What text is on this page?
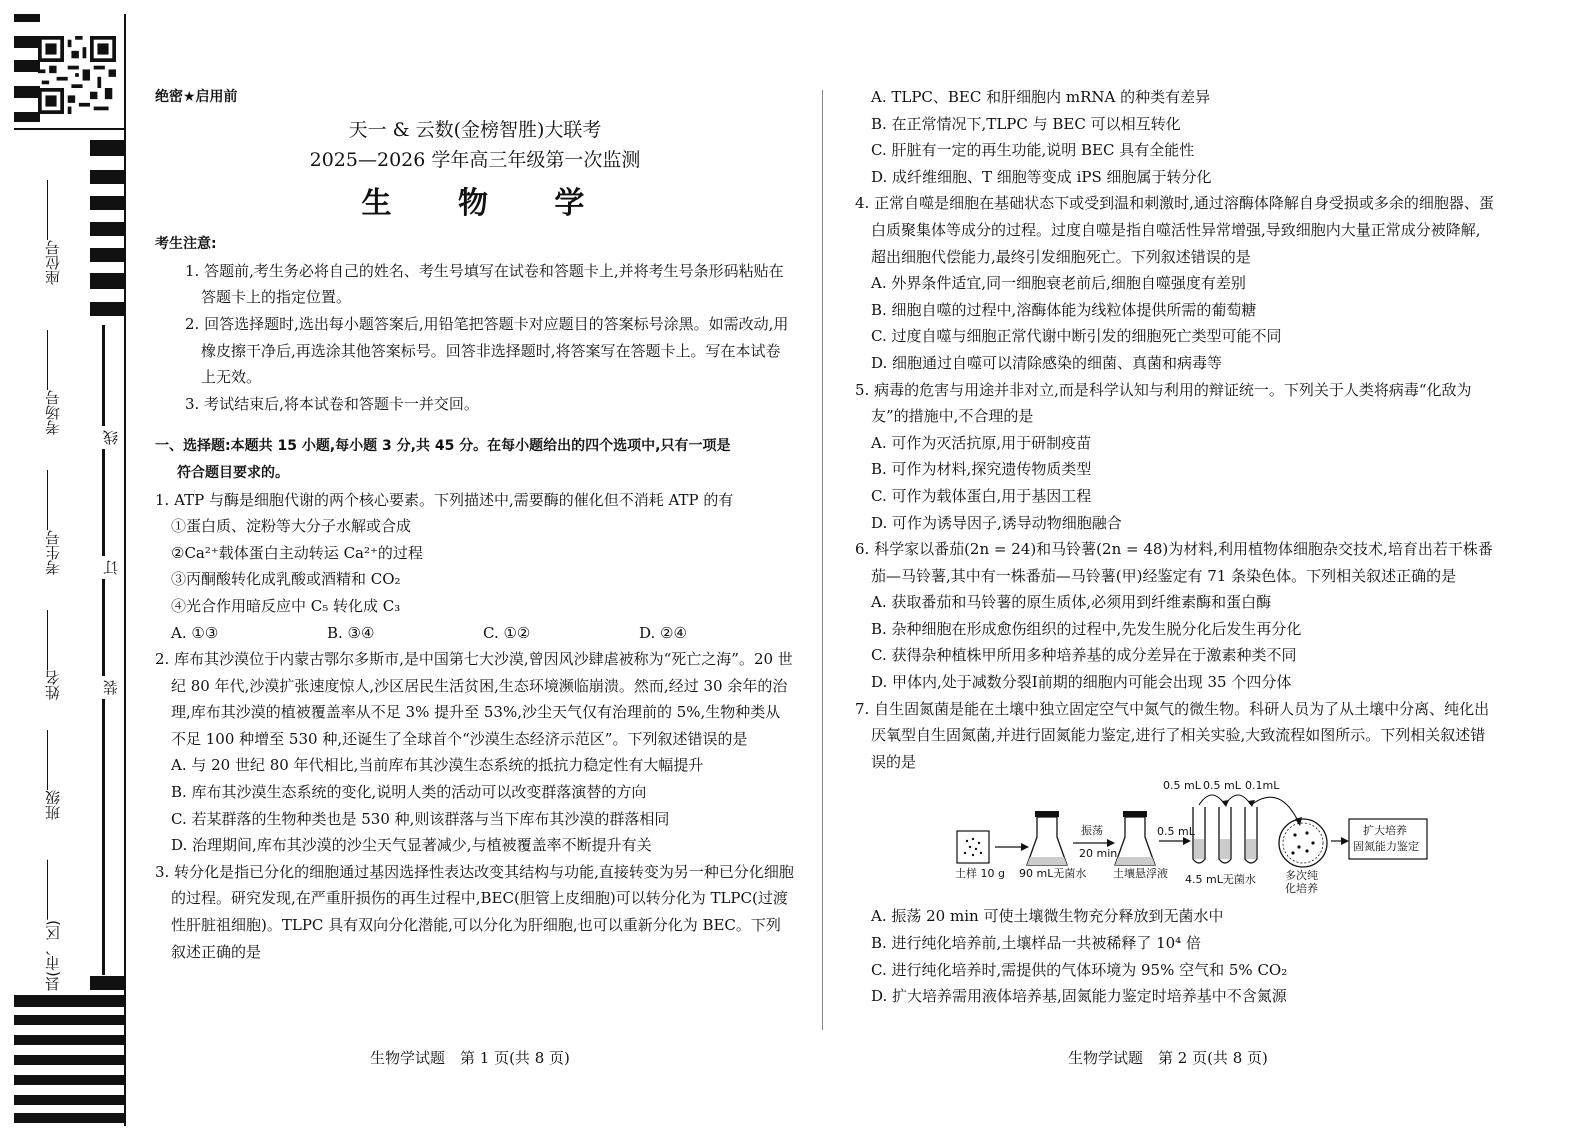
县(市、区)
班级
姓名
考生号
考场号
座位号
装
订
线
绝密★启用前
天一 & 云数(金榜智胜)大联考
2025—2026 学年高三年级第一次监测
生 物 学
考生注意:

1. 答题前,考生务必将自己的姓名、考生号填写在试卷和答题卡上,并将考生号条形码粘贴在答题卡上的指定位置。

2. 回答选择题时,选出每小题答案后,用铅笔把答题卡对应题目的答案标号涂黑。如需改动,用橡皮擦干净后,再选涂其他答案标号。回答非选择题时,将答案写在答题卡上。写在本试卷上无效。

3. 考试结束后,将本试卷和答题卡一并交回。

一、选择题:本题共 15 小题,每小题 3 分,共 45 分。在每小题给出的四个选项中,只有一项是
符合题目要求的。

1. ATP 与酶是细胞代谢的两个核心要素。下列描述中,需要酶的催化但不消耗 ATP 的有

①蛋白质、淀粉等大分子水解或合成

②Ca²⁺载体蛋白主动转运 Ca²⁺的过程

③丙酮酸转化成乳酸或酒精和 CO₂

④光合作用暗反应中 C₅ 转化成 C₃

A. ①③	B. ③④	C. ①②	D. ②④

2. 库布其沙漠位于内蒙古鄂尔多斯市,是中国第七大沙漠,曾因风沙肆虐被称为“死亡之海”。20 世纪 80 年代,沙漠扩张速度惊人,沙区居民生活贫困,生态环境濒临崩溃。然而,经过 30 余年的治理,库布其沙漠的植被覆盖率从不足 3% 提升至 53%,沙尘天气仅有治理前的 5%,生物种类从不足 100 种增至 530 种,还诞生了全球首个“沙漠生态经济示范区”。下列叙述错误的是

A. 与 20 世纪 80 年代相比,当前库布其沙漠生态系统的抵抗力稳定性有大幅提升

B. 库布其沙漠生态系统的变化,说明人类的活动可以改变群落演替的方向

C. 若某群落的生物种类也是 530 种,则该群落与当下库布其沙漠的群落相同

D. 治理期间,库布其沙漠的沙尘天气显著减少,与植被覆盖率不断提升有关

3. 转分化是指已分化的细胞通过基因选择性表达改变其结构与功能,直接转变为另一种已分化细胞的过程。研究发现,在严重肝损伤的再生过程中,BEC(胆管上皮细胞)可以转分化为 TLPC(过渡性肝脏祖细胞)。TLPC 具有双向分化潜能,可以分化为肝细胞,也可以重新分化为 BEC。下列叙述正确的是

A. TLPC、BEC 和肝细胞内 mRNA 的种类有差异

B. 在正常情况下,TLPC 与 BEC 可以相互转化

C. 肝脏有一定的再生功能,说明 BEC 具有全能性

D. 成纤维细胞、T 细胞等变成 iPS 细胞属于转分化

4. 正常自噬是细胞在基础状态下或受到温和刺激时,通过溶酶体降解自身受损或多余的细胞器、蛋白质聚集体等成分的过程。过度自噬是指自噬活性异常增强,导致细胞内大量正常成分被降解,超出细胞代偿能力,最终引发细胞死亡。下列叙述错误的是

A. 外界条件适宜,同一细胞衰老前后,细胞自噬强度有差别

B. 细胞自噬的过程中,溶酶体能为线粒体提供所需的葡萄糖

C. 过度自噬与细胞正常代谢中断引发的细胞死亡类型可能不同

D. 细胞通过自噬可以清除感染的细菌、真菌和病毒等

5. 病毒的危害与用途并非对立,而是科学认知与利用的辩证统一。下列关于人类将病毒“化敌为友”的措施中,不合理的是

A. 可作为灭活抗原,用于研制疫苗

B. 可作为材料,探究遗传物质类型

C. 可作为载体蛋白,用于基因工程

D. 可作为诱导因子,诱导动物细胞融合

6. 科学家以番茄(2n = 24)和马铃薯(2n = 48)为材料,利用植物体细胞杂交技术,培育出若干株番茄—马铃薯,其中有一株番茄—马铃薯(甲)经鉴定有 71 条染色体。下列相关叙述正确的是

A. 获取番茄和马铃薯的原生质体,必须用到纤维素酶和蛋白酶

B. 杂种细胞在形成愈伤组织的过程中,先发生脱分化后发生再分化

C. 获得杂种植株甲所用多种培养基的成分差异在于激素种类不同

D. 甲体内,处于减数分裂Ⅰ前期的细胞内可能会出现 35 个四分体

7. 自生固氮菌是能在土壤中独立固定空气中氮气的微生物。科研人员为了从土壤中分离、纯化出厌氧型自生固氮菌,并进行固氮能力鉴定,进行了相关实验,大致流程如图所示。下列相关叙述错误的是

土样 10 g 90 mL无菌水
振荡
20 min
土壤悬浮液
0.5 mL
0.5 mL 0.5 mL 0.1mL
4.5 mL无菌水	多次纯
化培养
扩大培养
固氮能力鉴定

A. 振荡 20 min 可使土壤微生物充分释放到无菌水中

B. 进行纯化培养前,土壤样品一共被稀释了 10⁴ 倍

C. 进行纯化培养时,需提供的气体环境为 95% 空气和 5% CO₂

D. 扩大培养需用液体培养基,固氮能力鉴定时培养基中不含氮源

生物学试题　第 1 页(共 8 页)	生物学试题　第 2 页(共 8 页)
